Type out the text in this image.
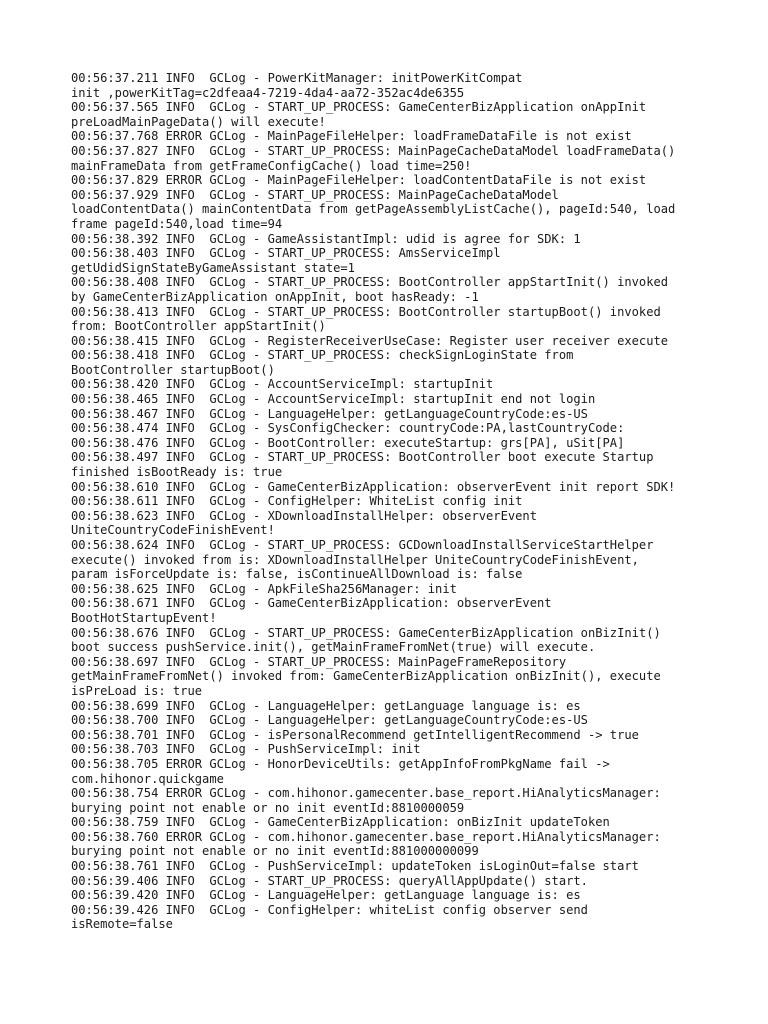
00:56:37.211 INFO  GCLog - PowerKitManager: initPowerKitCompat
init ,powerKitTag=c2dfeaa4-7219-4da4-aa72-352ac4de6355
00:56:37.565 INFO  GCLog - START_UP_PROCESS: GameCenterBizApplication onAppInit
preLoadMainPageData() will execute!
00:56:37.768 ERROR GCLog - MainPageFileHelper: loadFrameDataFile is not exist
00:56:37.827 INFO  GCLog - START_UP_PROCESS: MainPageCacheDataModel loadFrameData()
mainFrameData from getFrameConfigCache() load time=250!
00:56:37.829 ERROR GCLog - MainPageFileHelper: loadContentDataFile is not exist
00:56:37.929 INFO  GCLog - START_UP_PROCESS: MainPageCacheDataModel
loadContentData() mainContentData from getPageAssemblyListCache(), pageId:540, load
frame pageId:540,load time=94
00:56:38.392 INFO  GCLog - GameAssistantImpl: udid is agree for SDK: 1
00:56:38.403 INFO  GCLog - START_UP_PROCESS: AmsServiceImpl
getUdidSignStateByGameAssistant state=1
00:56:38.408 INFO  GCLog - START_UP_PROCESS: BootController appStartInit() invoked
by GameCenterBizApplication onAppInit, boot hasReady: -1
00:56:38.413 INFO  GCLog - START_UP_PROCESS: BootController startupBoot() invoked
from: BootController appStartInit()
00:56:38.415 INFO  GCLog - RegisterReceiverUseCase: Register user receiver execute
00:56:38.418 INFO  GCLog - START_UP_PROCESS: checkSignLoginState from
BootController startupBoot()
00:56:38.420 INFO  GCLog - AccountServiceImpl: startupInit
00:56:38.465 INFO  GCLog - AccountServiceImpl: startupInit end not login
00:56:38.467 INFO  GCLog - LanguageHelper: getLanguageCountryCode:es-US
00:56:38.474 INFO  GCLog - SysConfigChecker: countryCode:PA,lastCountryCode:
00:56:38.476 INFO  GCLog - BootController: executeStartup: grs[PA], uSit[PA]
00:56:38.497 INFO  GCLog - START_UP_PROCESS: BootController boot execute Startup
finished isBootReady is: true
00:56:38.610 INFO  GCLog - GameCenterBizApplication: observerEvent init report SDK!
00:56:38.611 INFO  GCLog - ConfigHelper: WhiteList config init
00:56:38.623 INFO  GCLog - XDownloadInstallHelper: observerEvent
UniteCountryCodeFinishEvent!
00:56:38.624 INFO  GCLog - START_UP_PROCESS: GCDownloadInstallServiceStartHelper
execute() invoked from is: XDownloadInstallHelper UniteCountryCodeFinishEvent,
param isForceUpdate is: false, isContinueAllDownload is: false
00:56:38.625 INFO  GCLog - ApkFileSha256Manager: init
00:56:38.671 INFO  GCLog - GameCenterBizApplication: observerEvent
BootHotStartupEvent!
00:56:38.676 INFO  GCLog - START_UP_PROCESS: GameCenterBizApplication onBizInit()
boot success pushService.init(), getMainFrameFromNet(true) will execute.
00:56:38.697 INFO  GCLog - START_UP_PROCESS: MainPageFrameRepository
getMainFrameFromNet() invoked from: GameCenterBizApplication onBizInit(), execute
isPreLoad is: true
00:56:38.699 INFO  GCLog - LanguageHelper: getLanguage language is: es
00:56:38.700 INFO  GCLog - LanguageHelper: getLanguageCountryCode:es-US
00:56:38.701 INFO  GCLog - isPersonalRecommend getIntelligentRecommend -> true
00:56:38.703 INFO  GCLog - PushServiceImpl: init
00:56:38.705 ERROR GCLog - HonorDeviceUtils: getAppInfoFromPkgName fail ->
com.hihonor.quickgame
00:56:38.754 ERROR GCLog - com.hihonor.gamecenter.base_report.HiAnalyticsManager:
burying point not enable or no init eventId:8810000059
00:56:38.759 INFO  GCLog - GameCenterBizApplication: onBizInit updateToken
00:56:38.760 ERROR GCLog - com.hihonor.gamecenter.base_report.HiAnalyticsManager:
burying point not enable or no init eventId:881000000099
00:56:38.761 INFO  GCLog - PushServiceImpl: updateToken isLoginOut=false start
00:56:39.406 INFO  GCLog - START_UP_PROCESS: queryAllAppUpdate() start.
00:56:39.420 INFO  GCLog - LanguageHelper: getLanguage language is: es
00:56:39.426 INFO  GCLog - ConfigHelper: whiteList config observer send
isRemote=false
